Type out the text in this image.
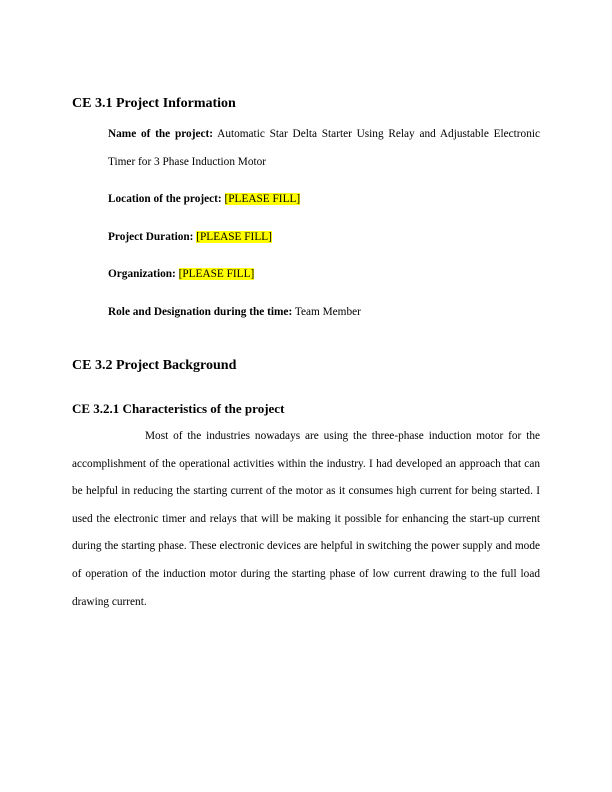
CE 3.1 Project Information

Name of the project: Automatic Star Delta Starter Using Relay and Adjustable Electronic Timer for 3 Phase Induction Motor

Location of the project: [PLEASE FILL]

Project Duration: [PLEASE FILL]

Organization: [PLEASE FILL]

Role and Designation during the time: Team Member

CE 3.2 Project Background
CE 3.2.1 Characteristics of the project

Most of the industries nowadays are using the three-phase induction motor for the accomplishment of the operational activities within the industry. I had developed an approach that can be helpful in reducing the starting current of the motor as it consumes high current for being started. I used the electronic timer and relays that will be making it possible for enhancing the start-up current during the starting phase. These electronic devices are helpful in switching the power supply and mode of operation of the induction motor during the starting phase of low current drawing to the full load drawing current.
